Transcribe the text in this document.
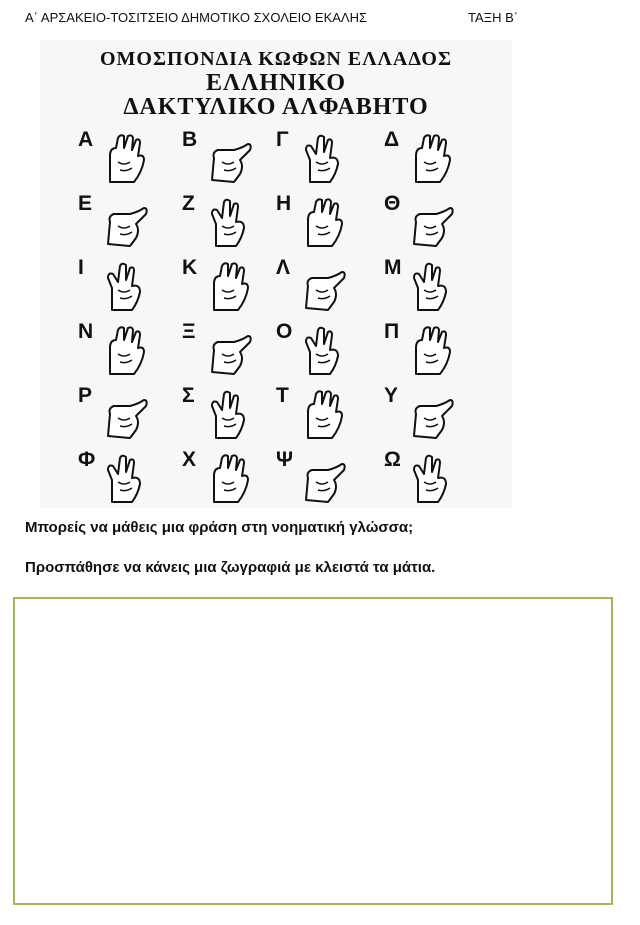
Α΄ ΑΡΣΑΚΕΙΟ-ΤΟΣΙΤΣΕΙΟ ΔΗΜΟΤΙΚΟ ΣΧΟΛΕΙΟ ΕΚΑΛΗΣ	ΤΑΞΗ Β΄
ΟΜΟΣΠΟΝΔΙΑ ΚΩΦΩΝ ΕΛΛΑΔΟΣ
ΕΛΛΗΝΙΚΟ
ΔΑΚΤΥΛΙΚΟ ΑΛΦΑΒΗΤΟ
Α	Β	Γ	Δ
Ε	Ζ	Η	Θ
Ι	Κ	Λ	Μ
Ν	Ξ	Ο	Π
Ρ	Σ	Τ	Υ
Φ	Χ	Ψ	Ω
Μπορείς να μάθεις μια φράση στη νοηματική γλώσσα;
Προσπάθησε να κάνεις μια ζωγραφιά με κλειστά τα μάτια.
